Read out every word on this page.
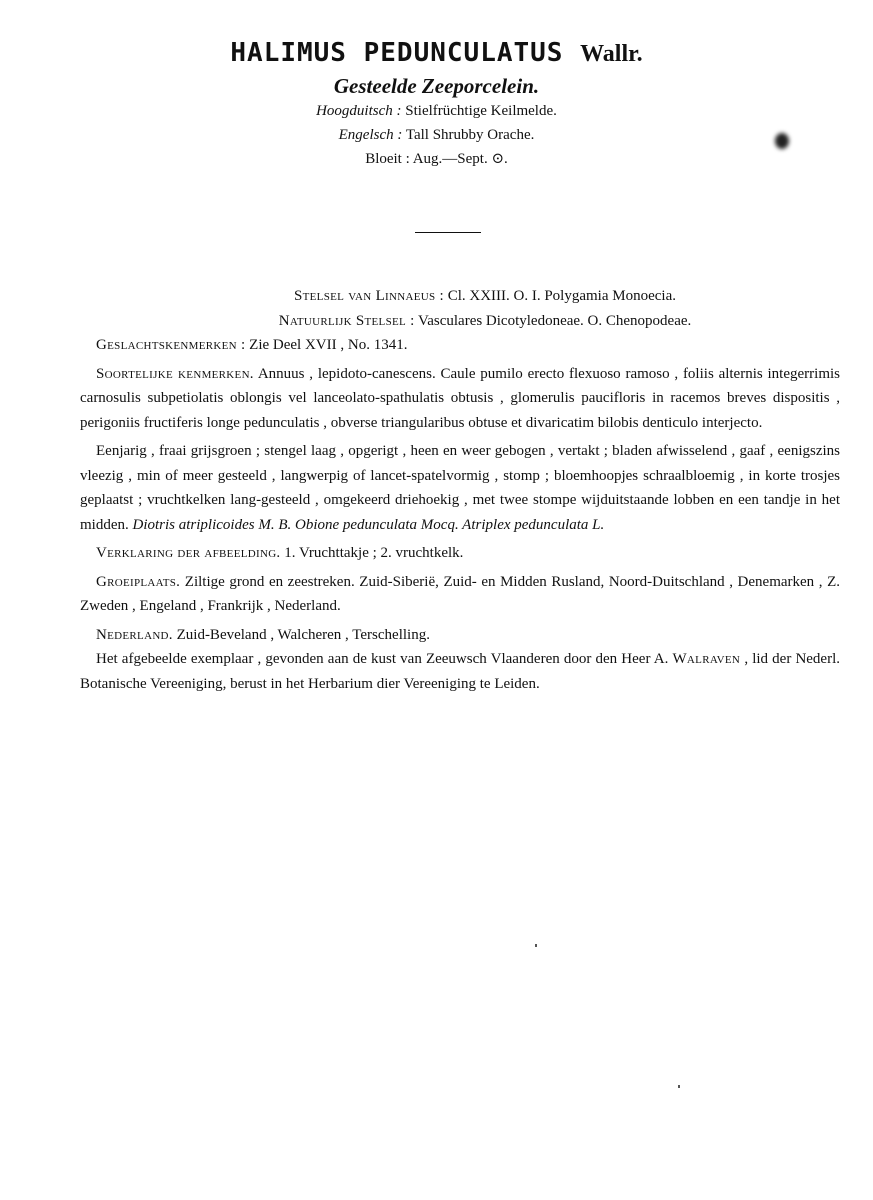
HALIMUS PEDUNCULATUS Wallr.

Gesteelde Zeeporcelein.

Hoogduitsch : Stielfrüchtige Keilmelde.

Engelsch : Tall Shrubby Orache.

Bloeit : Aug.—Sept. ⊙.

Stelsel van Linnaeus : Cl. XXIII. O. I. Polygamia Monoecia.

Natuurlijk Stelsel : Vasculares Dicotyledoneae. O. Chenopodeae.

Geslachtskenmerken : Zie Deel XVII , No. 1341.

Soortelijke kenmerken. Annuus , lepidoto-canescens. Caule pumilo erecto flexuoso ramoso , foliis alternis integerrimis carnosulis subpetiolatis oblongis vel lanceolato-spathulatis obtusis , glomerulis paucifloris in racemos breves dispositis , perigoniis fructiferis longe pedunculatis , obverse triangularibus obtuse et divaricatim bilobis denticulo interjecto.

Eenjarig , fraai grijsgroen ; stengel laag , opgerigt , heen en weer gebogen , vertakt ; bladen afwisselend , gaaf , eenigszins vleezig , min of meer gesteeld , langwerpig of lancet-spatelvormig , stomp ; bloemhoopjes schraalbloemig , in korte trosjes geplaatst ; vruchtkelken lang-gesteeld , omgekeerd driehoekig , met twee stompe wijduitstaande lobben en een tandje in het midden. Diotris atriplicoides M. B. Obione pedunculata Mocq. Atriplex pedunculata L.

Verklaring der afbeelding. 1. Vruchttakje ; 2. vruchtkelk.

Groeiplaats. Ziltige grond en zeestreken. Zuid-Siberië, Zuid- en Midden Rusland, Noord-Duitschland , Denemarken , Z. Zweden , Engeland , Frankrijk , Nederland.

Nederland. Zuid-Beveland , Walcheren , Terschelling.

Het afgebeelde exemplaar , gevonden aan de kust van Zeeuwsch Vlaanderen door den Heer A. Walraven , lid der Nederl. Botanische Vereeniging, berust in het Herbarium dier Vereeniging te Leiden.
